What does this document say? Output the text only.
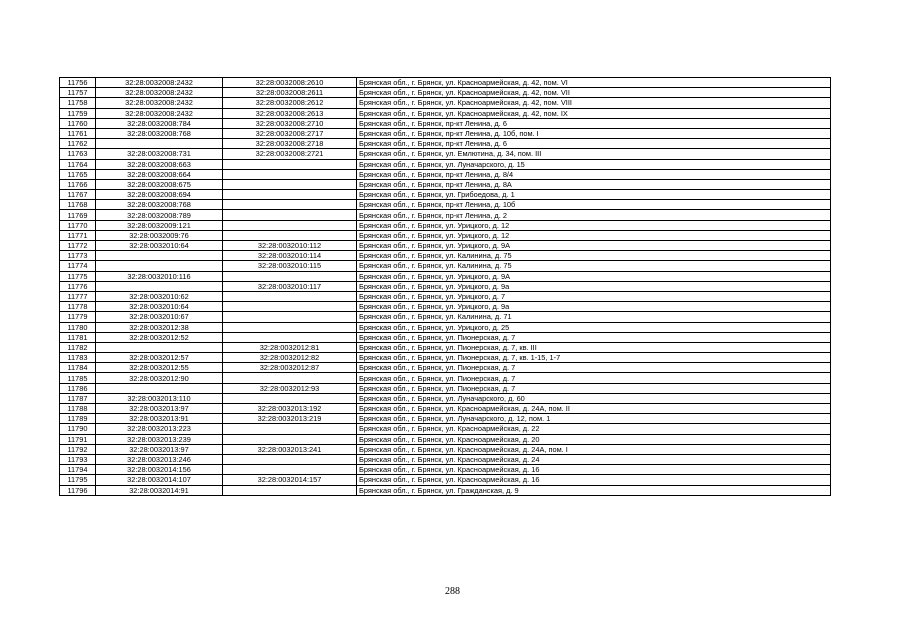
11756	32:28:0032008:2432	32:28:0032008:2610	Брянская обл., г. Брянск, ул. Красноармейская, д. 42, пом. VI
11757	32:28:0032008:2432	32:28:0032008:2611	Брянская обл., г. Брянск, ул. Красноармейская, д. 42, пом. VII
11758	32:28:0032008:2432	32:28:0032008:2612	Брянская обл., г. Брянск, ул. Красноармейская, д. 42, пом. VIII
11759	32:28:0032008:2432	32:28:0032008:2613	Брянская обл., г. Брянск, ул. Красноармейская, д. 42, пом. IX
11760	32:28:0032008:784	32:28:0032008:2710	Брянская обл., г. Брянск, пр-кт Ленина, д. 6
11761	32:28:0032008:768	32:28:0032008:2717	Брянская обл., г. Брянск, пр-кт Ленина, д. 10б, пом. I
11762		32:28:0032008:2718	Брянская обл., г. Брянск, пр-кт Ленина, д. 6
11763	32:28:0032008:731	32:28:0032008:2721	Брянская обл., г. Брянск, ул. Емлютина, д. 34, пом. III
11764	32:28:0032008:663		Брянская обл., г. Брянск, ул. Луначарского, д. 15
11765	32:28:0032008:664		Брянская обл., г. Брянск, пр-кт Ленина, д. 8/4
11766	32:28:0032008:675		Брянская обл., г. Брянск, пр-кт Ленина, д. 8А
11767	32:28:0032008:694		Брянская обл., г. Брянск, ул. Грибоедова, д. 1
11768	32:28:0032008:768		Брянская обл., г. Брянск, пр-кт Ленина, д. 10б
11769	32:28:0032008:789		Брянская обл., г. Брянск, пр-кт Ленина, д. 2
11770	32:28:0032009:121		Брянская обл., г. Брянск, ул. Урицкого, д. 12
11771	32:28:0032009:76		Брянская обл., г. Брянск, ул. Урицкого, д. 12
11772	32:28:0032010:64	32:28:0032010:112	Брянская обл., г. Брянск, ул. Урицкого, д. 9А
11773		32:28:0032010:114	Брянская обл., г. Брянск, ул. Калинина, д. 75
11774		32:28:0032010:115	Брянская обл., г. Брянск, ул. Калинина, д. 75
11775	32:28:0032010:116		Брянская обл., г. Брянск, ул. Урицкого, д. 9А
11776		32:28:0032010:117	Брянская обл., г. Брянск, ул. Урицкого, д. 9а
11777	32:28:0032010:62		Брянская обл., г. Брянск, ул. Урицкого, д. 7
11778	32:28:0032010:64		Брянская обл., г. Брянск, ул. Урицкого, д. 9а
11779	32:28:0032010:67		Брянская обл., г. Брянск, ул. Калинина, д. 71
11780	32:28:0032012:38		Брянская обл., г. Брянск, ул. Урицкого, д. 25
11781	32:28:0032012:52		Брянская обл., г. Брянск, ул. Пионерская, д. 7
11782		32:28:0032012:81	Брянская обл., г. Брянск, ул. Пионерская, д. 7, кв. III
11783	32:28:0032012:57	32:28:0032012:82	Брянская обл., г. Брянск, ул. Пионерская, д. 7, кв. 1-15, 1-7
11784	32:28:0032012:55	32:28:0032012:87	Брянская обл., г. Брянск, ул. Пионерская, д. 7
11785	32:28:0032012:90		Брянская обл., г. Брянск, ул. Пионерская, д. 7
11786		32:28:0032012:93	Брянская обл., г. Брянск, ул. Пионерская, д. 7
11787	32:28:0032013:110		Брянская обл., г. Брянск, ул. Луначарского, д. 60
11788	32:28:0032013:97	32:28:0032013:192	Брянская обл., г. Брянск, ул. Красноармейская, д. 24А, пом. II
11789	32:28:0032013:91	32:28:0032013:219	Брянская обл., г. Брянск, ул. Луначарского, д. 12, пом. 1
11790	32:28:0032013:223		Брянская обл., г. Брянск, ул. Красноармейская, д. 22
11791	32:28:0032013:239		Брянская обл., г. Брянск, ул. Красноармейская, д. 20
11792	32:28:0032013:97	32:28:0032013:241	Брянская обл., г. Брянск, ул. Красноармейская, д. 24А, пом. I
11793	32:28:0032013:246		Брянская обл., г. Брянск, ул. Красноармейская, д. 24
11794	32:28:0032014:156		Брянская обл., г. Брянск, ул. Красноармейская, д. 16
11795	32:28:0032014:107	32:28:0032014:157	Брянская обл., г. Брянск, ул. Красноармейская, д. 16
11796	32:28:0032014:91		Брянская обл., г. Брянск, ул. Гражданская, д. 9
288
